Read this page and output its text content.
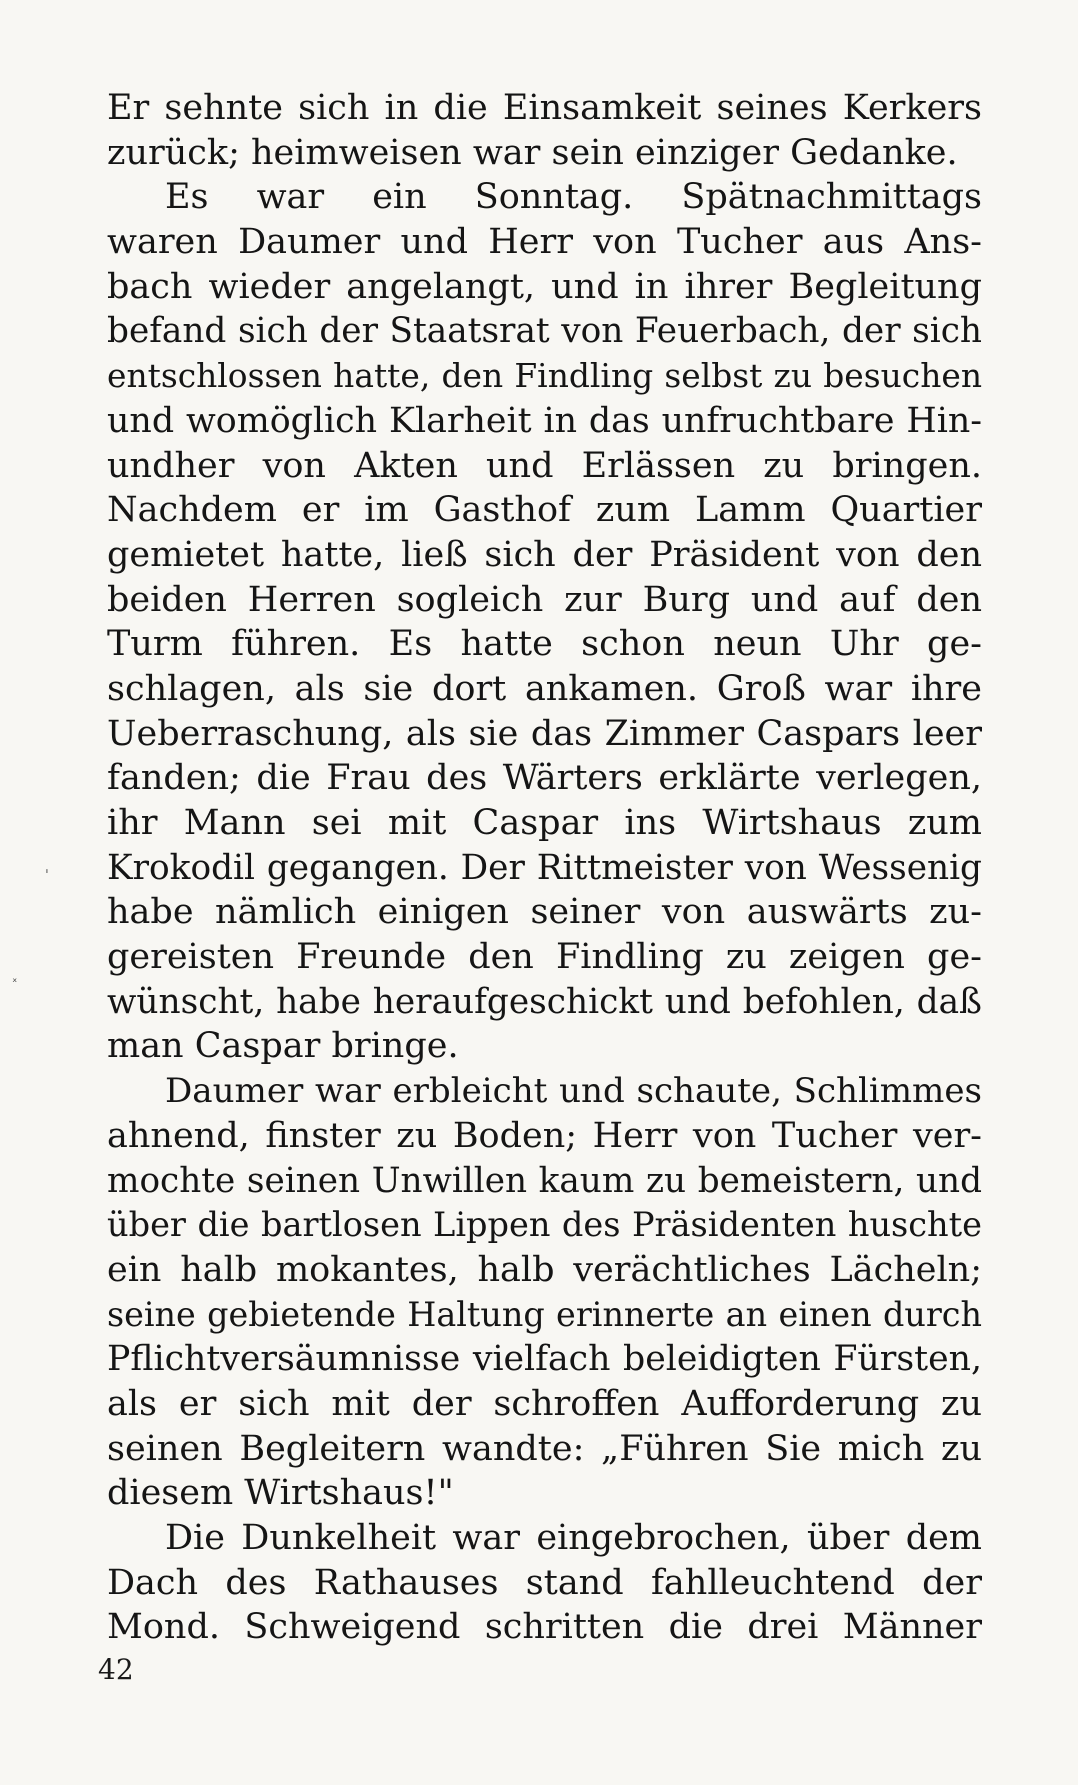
Er sehnte sich in die Einsamkeit seines Kerkers
zurück; heimweisen war sein einziger Gedanke.
Es war ein Sonntag. Spätnachmittags
waren Daumer und Herr von Tucher aus Ans-
bach wieder angelangt, und in ihrer Begleitung
befand sich der Staatsrat von Feuerbach, der sich
entschlossen hatte, den Findling selbst zu besuchen
und womöglich Klarheit in das unfruchtbare Hin-
undher von Akten und Erlässen zu bringen.
Nachdem er im Gasthof zum Lamm Quartier
gemietet hatte, ließ sich der Präsident von den
beiden Herren sogleich zur Burg und auf den
Turm führen. Es hatte schon neun Uhr ge-
schlagen, als sie dort ankamen. Groß war ihre
Ueberraschung, als sie das Zimmer Caspars leer
fanden; die Frau des Wärters erklärte verlegen,
ihr Mann sei mit Caspar ins Wirtshaus zum
Krokodil gegangen. Der Rittmeister von Wessenig
habe nämlich einigen seiner von auswärts zu-
gereisten Freunde den Findling zu zeigen ge-
wünscht, habe heraufgeschickt und befohlen, daß
man Caspar bringe.
Daumer war erbleicht und schaute, Schlimmes
ahnend, finster zu Boden; Herr von Tucher ver-
mochte seinen Unwillen kaum zu bemeistern, und
über die bartlosen Lippen des Präsidenten huschte
ein halb mokantes, halb verächtliches Lächeln;
seine gebietende Haltung erinnerte an einen durch
Pflichtversäumnisse vielfach beleidigten Fürsten,
als er sich mit der schroffen Aufforderung zu
seinen Begleitern wandte: „Führen Sie mich zu
diesem Wirtshaus!"
Die Dunkelheit war eingebrochen, über dem
Dach des Rathauses stand fahlleuchtend der
Mond. Schweigend schritten die drei Männer
42
ˈ
ˣ
